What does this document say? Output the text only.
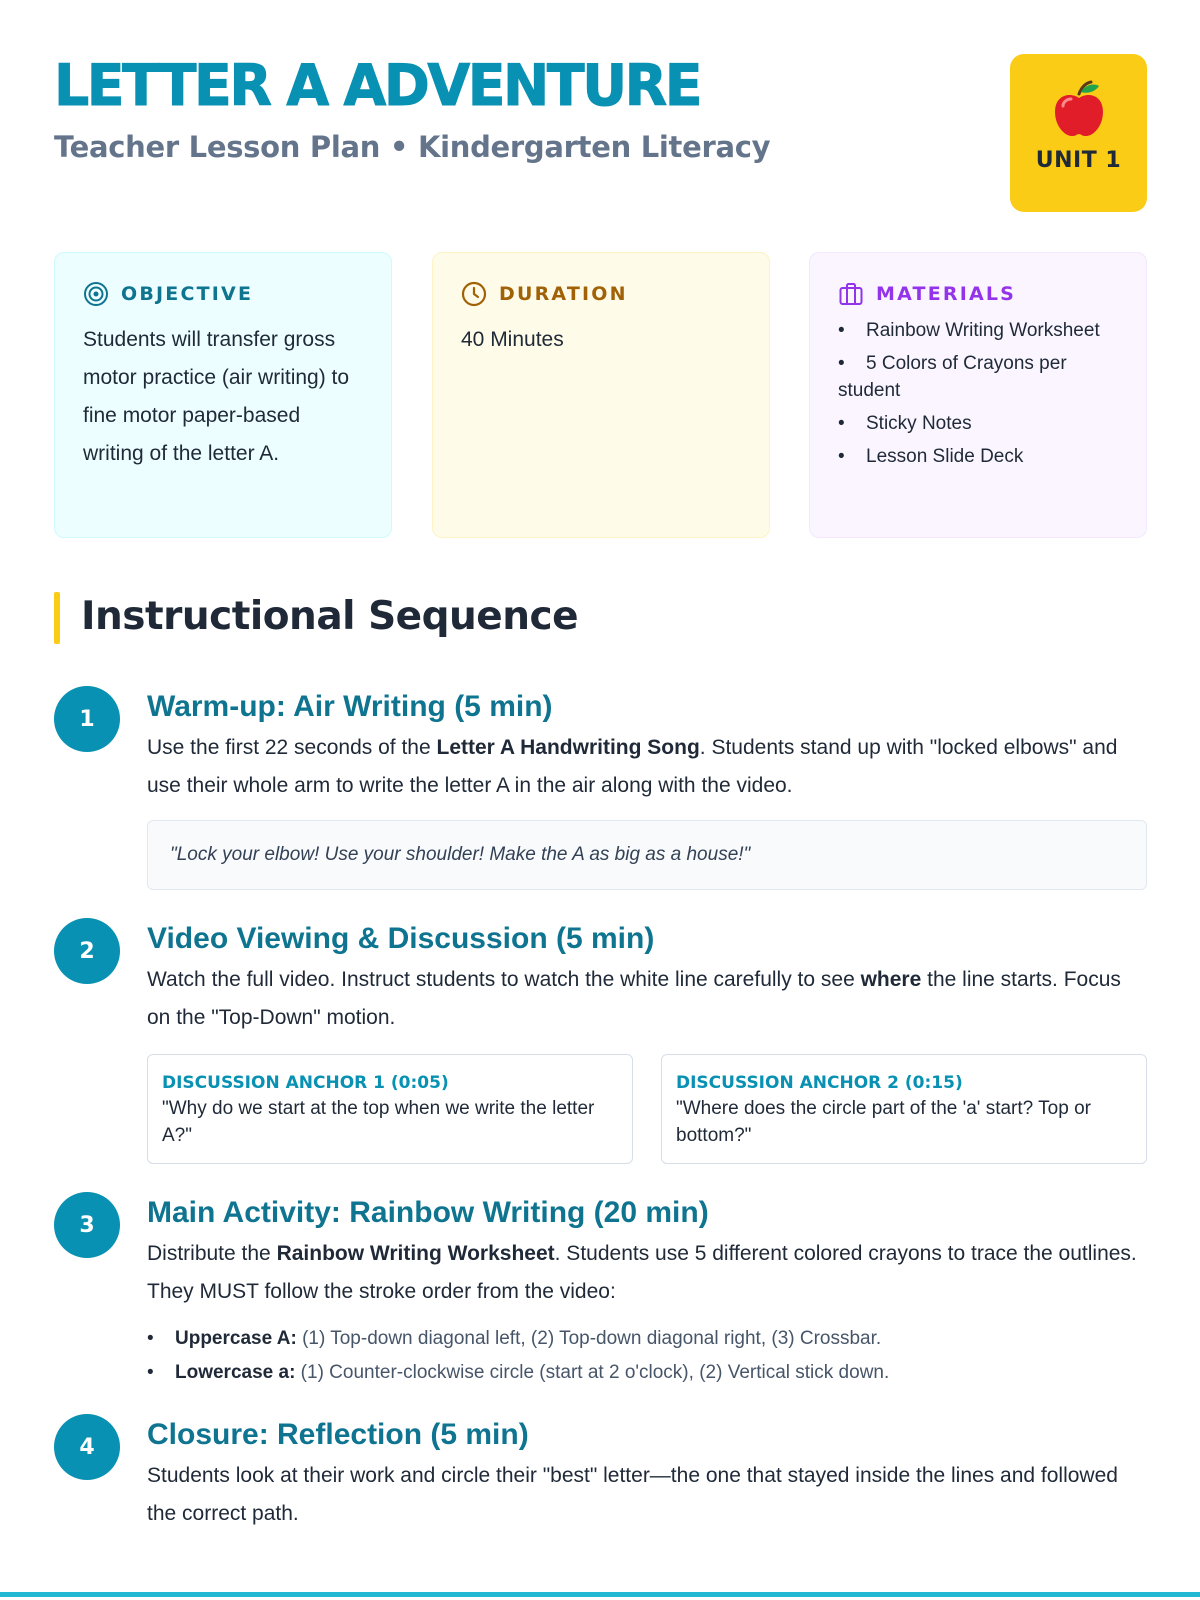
LETTER A ADVENTURE
Teacher Lesson Plan • Kindergarten Literacy	UNIT 1
OBJECTIVE

Students will transfer gross motor practice (air writing) to fine motor paper-based writing of the letter A.

DURATION

40 Minutes

MATERIALS
• Rainbow Writing Worksheet
• 5 Colors of Crayons per student
• Sticky Notes
• Lesson Slide Deck
Instructional Sequence
1	Warm-up: Air Writing (5 min)

Use the first 22 seconds of the Letter A Handwriting Song. Students stand up with "locked elbows" and use their whole arm to write the letter A in the air along with the video.

"Lock your elbow! Use your shoulder! Make the A as big as a house!"
2	Video Viewing & Discussion (5 min)

Watch the full video. Instruct students to watch the white line carefully to see where the line starts. Focus on the "Top-Down" motion.

DISCUSSION ANCHOR 1 (0:05)
"Why do we start at the top when we write the letter A?"
DISCUSSION ANCHOR 2 (0:15)
"Where does the circle part of the 'a' start? Top or bottom?"
3	Main Activity: Rainbow Writing (20 min)

Distribute the Rainbow Writing Worksheet. Students use 5 different colored crayons to trace the outlines. They MUST follow the stroke order from the video:

• Uppercase A: (1) Top-down diagonal left, (2) Top-down diagonal right, (3) Crossbar.
• Lowercase a: (1) Counter-clockwise circle (start at 2 o'clock), (2) Vertical stick down.
4	Closure: Reflection (5 min)

Students look at their work and circle their "best" letter—the one that stayed inside the lines and followed the correct path.
